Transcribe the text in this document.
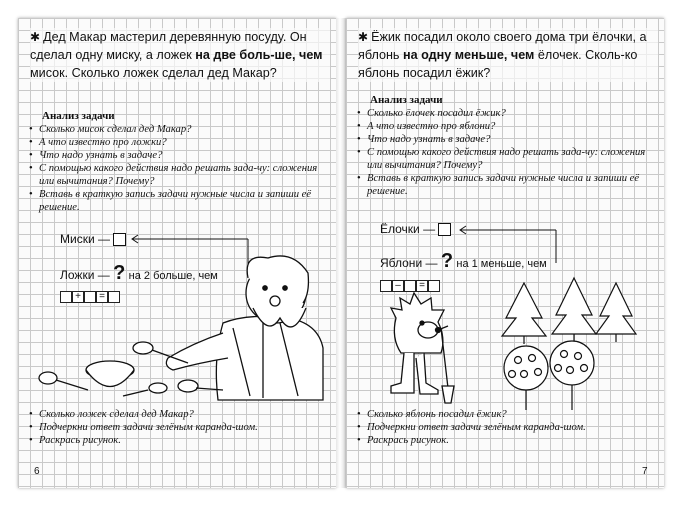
✱ Дед Макар мастерил деревянную посуду. Он сделал одну миску, а ложек на две боль-ше, чем мисок. Сколько ложек сделал дед Макар?
Анализ задачи
• Сколько мисок сделал дед Макар?
• А что известно про ложки?
• Что надо узнать в задаче?
• С помощью какого действия надо решать зада-чу: сложения или вычитания? Почему?
• Вставь в краткую запись задачи нужные числа и запиши её решение.
Миски —
Ложки — ? на 2 больше, чем
+	=
• Сколько ложек сделал дед Макар?
• Подчеркни ответ задачи зелёным каранда-шом.
• Раскрась рисунок.
6
✱ Ёжик посадил около своего дома три ёлочки, а яблонь на одну меньше, чем ёлочек. Сколь-ко яблонь посадил ёжик?
Анализ задачи
• Сколько ёлочек посадил ёжик?
• А что известно про яблони?
• Что надо узнать в задаче?
• С помощью какого действия надо решать зада-чу: сложения или вычитания? Почему?
• Вставь в краткую запись задачи нужные числа и запиши её решение.
Ёлочки —
Яблони — ? на 1 меньше, чем
–	=
• Сколько яблонь посадил ёжик?
• Подчеркни ответ задачи зелёным каранда-шом.
• Раскрась рисунок.
7
